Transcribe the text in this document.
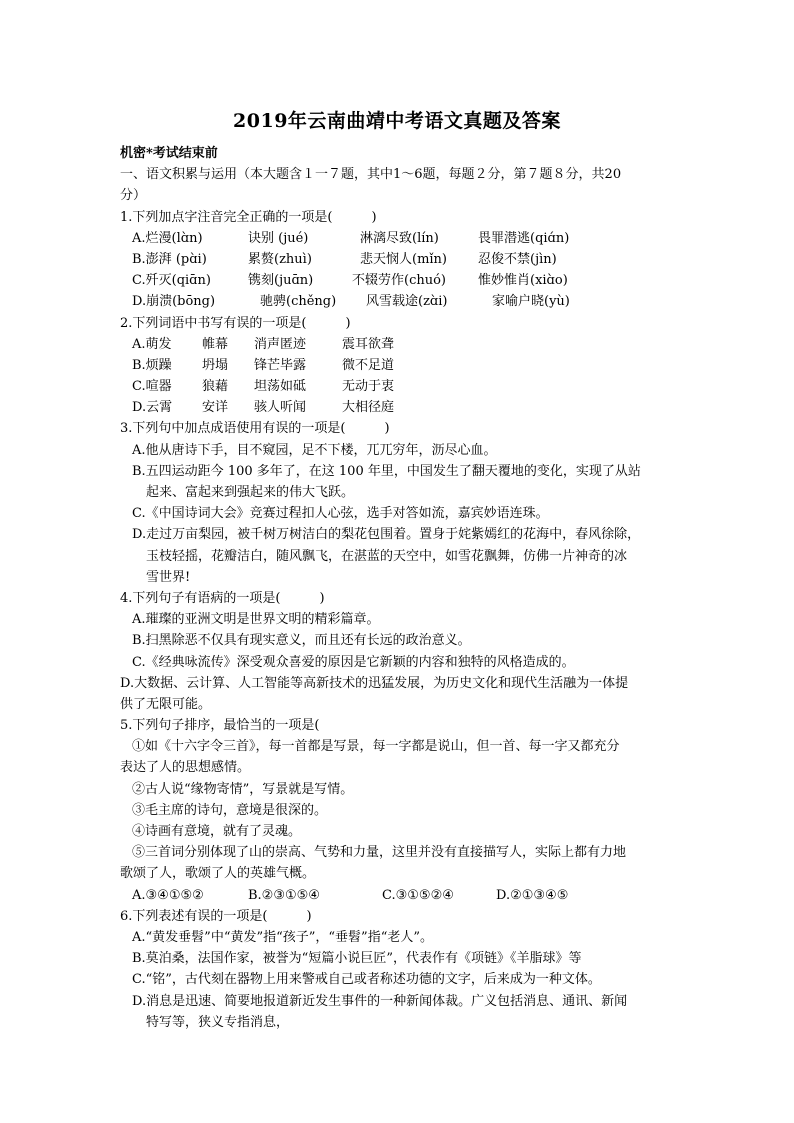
2019年云南曲靖中考语文真题及答案
机密*考试结束前
一、语文积累与运用（本大题含１一７题，其中1～6题，每题２分，第７题８分，共20
分）
1.下列加点字注音完全正确的一项是(　　　)
A.烂漫(lɑ̀n)	诀别 (jué)	淋漓尽致(lín)	畏罪潜逃(qiɑ́n)
B.澎湃 (pɑ̀i)	累赘(zhuì)	悲天悯人(mǐn) 忍俊不禁(jìn)
C.歼灭(qiɑ̄n)	镌刻(juɑ̄n)	不辍劳作(chuó) 惟妙惟肖(xiɑ̀o)
D.崩溃(bōng)	驰骋(chěng) 风雪载途(zɑ̀i)	家喻户晓(yù)
2.下列词语中书写有误的一项是(　　　)
A.萌发 帷幕 消声匿迹	震耳欲聋
B.烦躁 坍塌 锋芒毕露	微不足道
C.喧器 狼藉 坦荡如砥	无动于衷
D.云霄 安详 骇人听闻	大相径庭
3.下列句中加点成语使用有误的一项是(　　　)
A.他从唐诗下手，目不窥园，足不下楼，兀兀穷年，沥尽心血。
B.五四运动距今 100 多年了，在这 100 年里，中国发生了翻天覆地的变化，实现了从站
起来、富起来到强起来的伟大飞跃。
C.《中国诗词大会》竞赛过程扣人心弦，选手对答如流，嘉宾妙语连珠。
D.走过万亩梨园，被千树万树洁白的梨花包围着。置身于姹紫嫣红的花海中，春风徐除，
玉枝轻摇，花瓣洁白，随风飘飞，在湛蓝的天空中，如雪花飘舞，仿佛一片神奇的冰
雪世界!
4.下列句子有语病的一项是(　　　)
A.璀璨的亚洲文明是世界文明的精彩篇章。
B.扫黑除恶不仅具有现实意义，而且还有长远的政治意义。
C.《经典咏流传》深受观众喜爱的原因是它新颖的内容和独特的风格造成的。
D.大数据、云计算、人工智能等高新技术的迅猛发展，为历史文化和现代生活融为一体提
供了无限可能。
5.下列句子排序，最恰当的一项是(
①如《十六字令三首》，每一首都是写景，每一字都是说山，但一首、每一字又都充分
表达了人的思想感情。
②古人说“缘物寄情”，写景就是写情。
③毛主席的诗句，意境是很深的。
④诗画有意境，就有了灵魂。
⑤三首词分别体现了山的崇高、气势和力量，这里并没有直接描写人，实际上都有力地
歌颂了人，歌颂了人的英雄气概。
A.③④①⑤②	B.②③①⑤④	C.③①⑤②④	D.②①③④⑤
6.下列表述有误的一项是(　　　)
A.“黄发垂髫”中“黄发”指“孩子”，“垂髫”指“老人”。
B.莫泊桑，法国作家，被誉为“短篇小说巨匠”，代表作有《项链》《羊脂球》等
C.“铭”，古代刻在器物上用来警戒自己或者称述功德的文字，后来成为一种文体。
D.消息是迅速、简要地报道新近发生事件的一种新闻体裁。广义包括消息、通讯、新闻
特写等，狭义专指消息，
